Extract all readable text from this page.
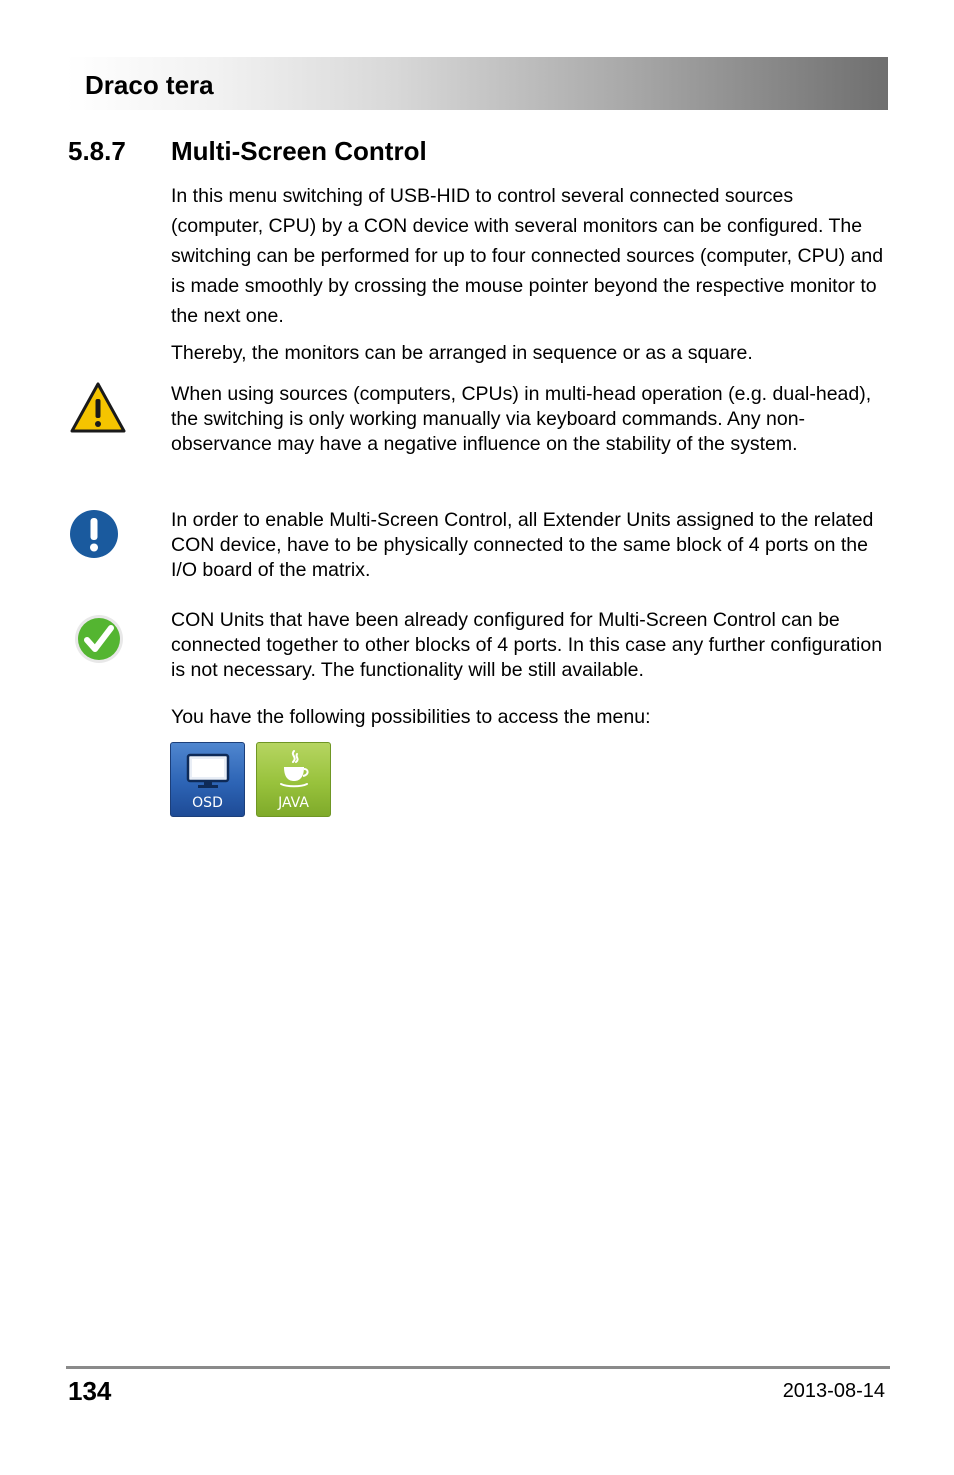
Draco tera
5.8.7 Multi-Screen Control
In this menu switching of USB-HID to control several connected sources (computer, CPU) by a CON device with several monitors can be configured. The switching can be performed for up to four connected sources (computer, CPU) and is made smoothly by crossing the mouse pointer beyond the respective monitor to the next one.
Thereby, the monitors can be arranged in sequence or as a square.
When using sources (computers, CPUs) in multi-head operation (e.g. dual-head), the switching is only working manually via keyboard commands. Any non-observance may have a negative influence on the stability of the system.
In order to enable Multi-Screen Control, all Extender Units assigned to the related CON device, have to be physically connected to the same block of 4 ports on the I/O board of the matrix.
CON Units that have been already configured for Multi-Screen Control can be connected together to other blocks of 4 ports. In this case any further configuration is not necessary. The functionality will be still available.
You have the following possibilities to access the menu:
OSD	JAVA
134	2013-08-14
